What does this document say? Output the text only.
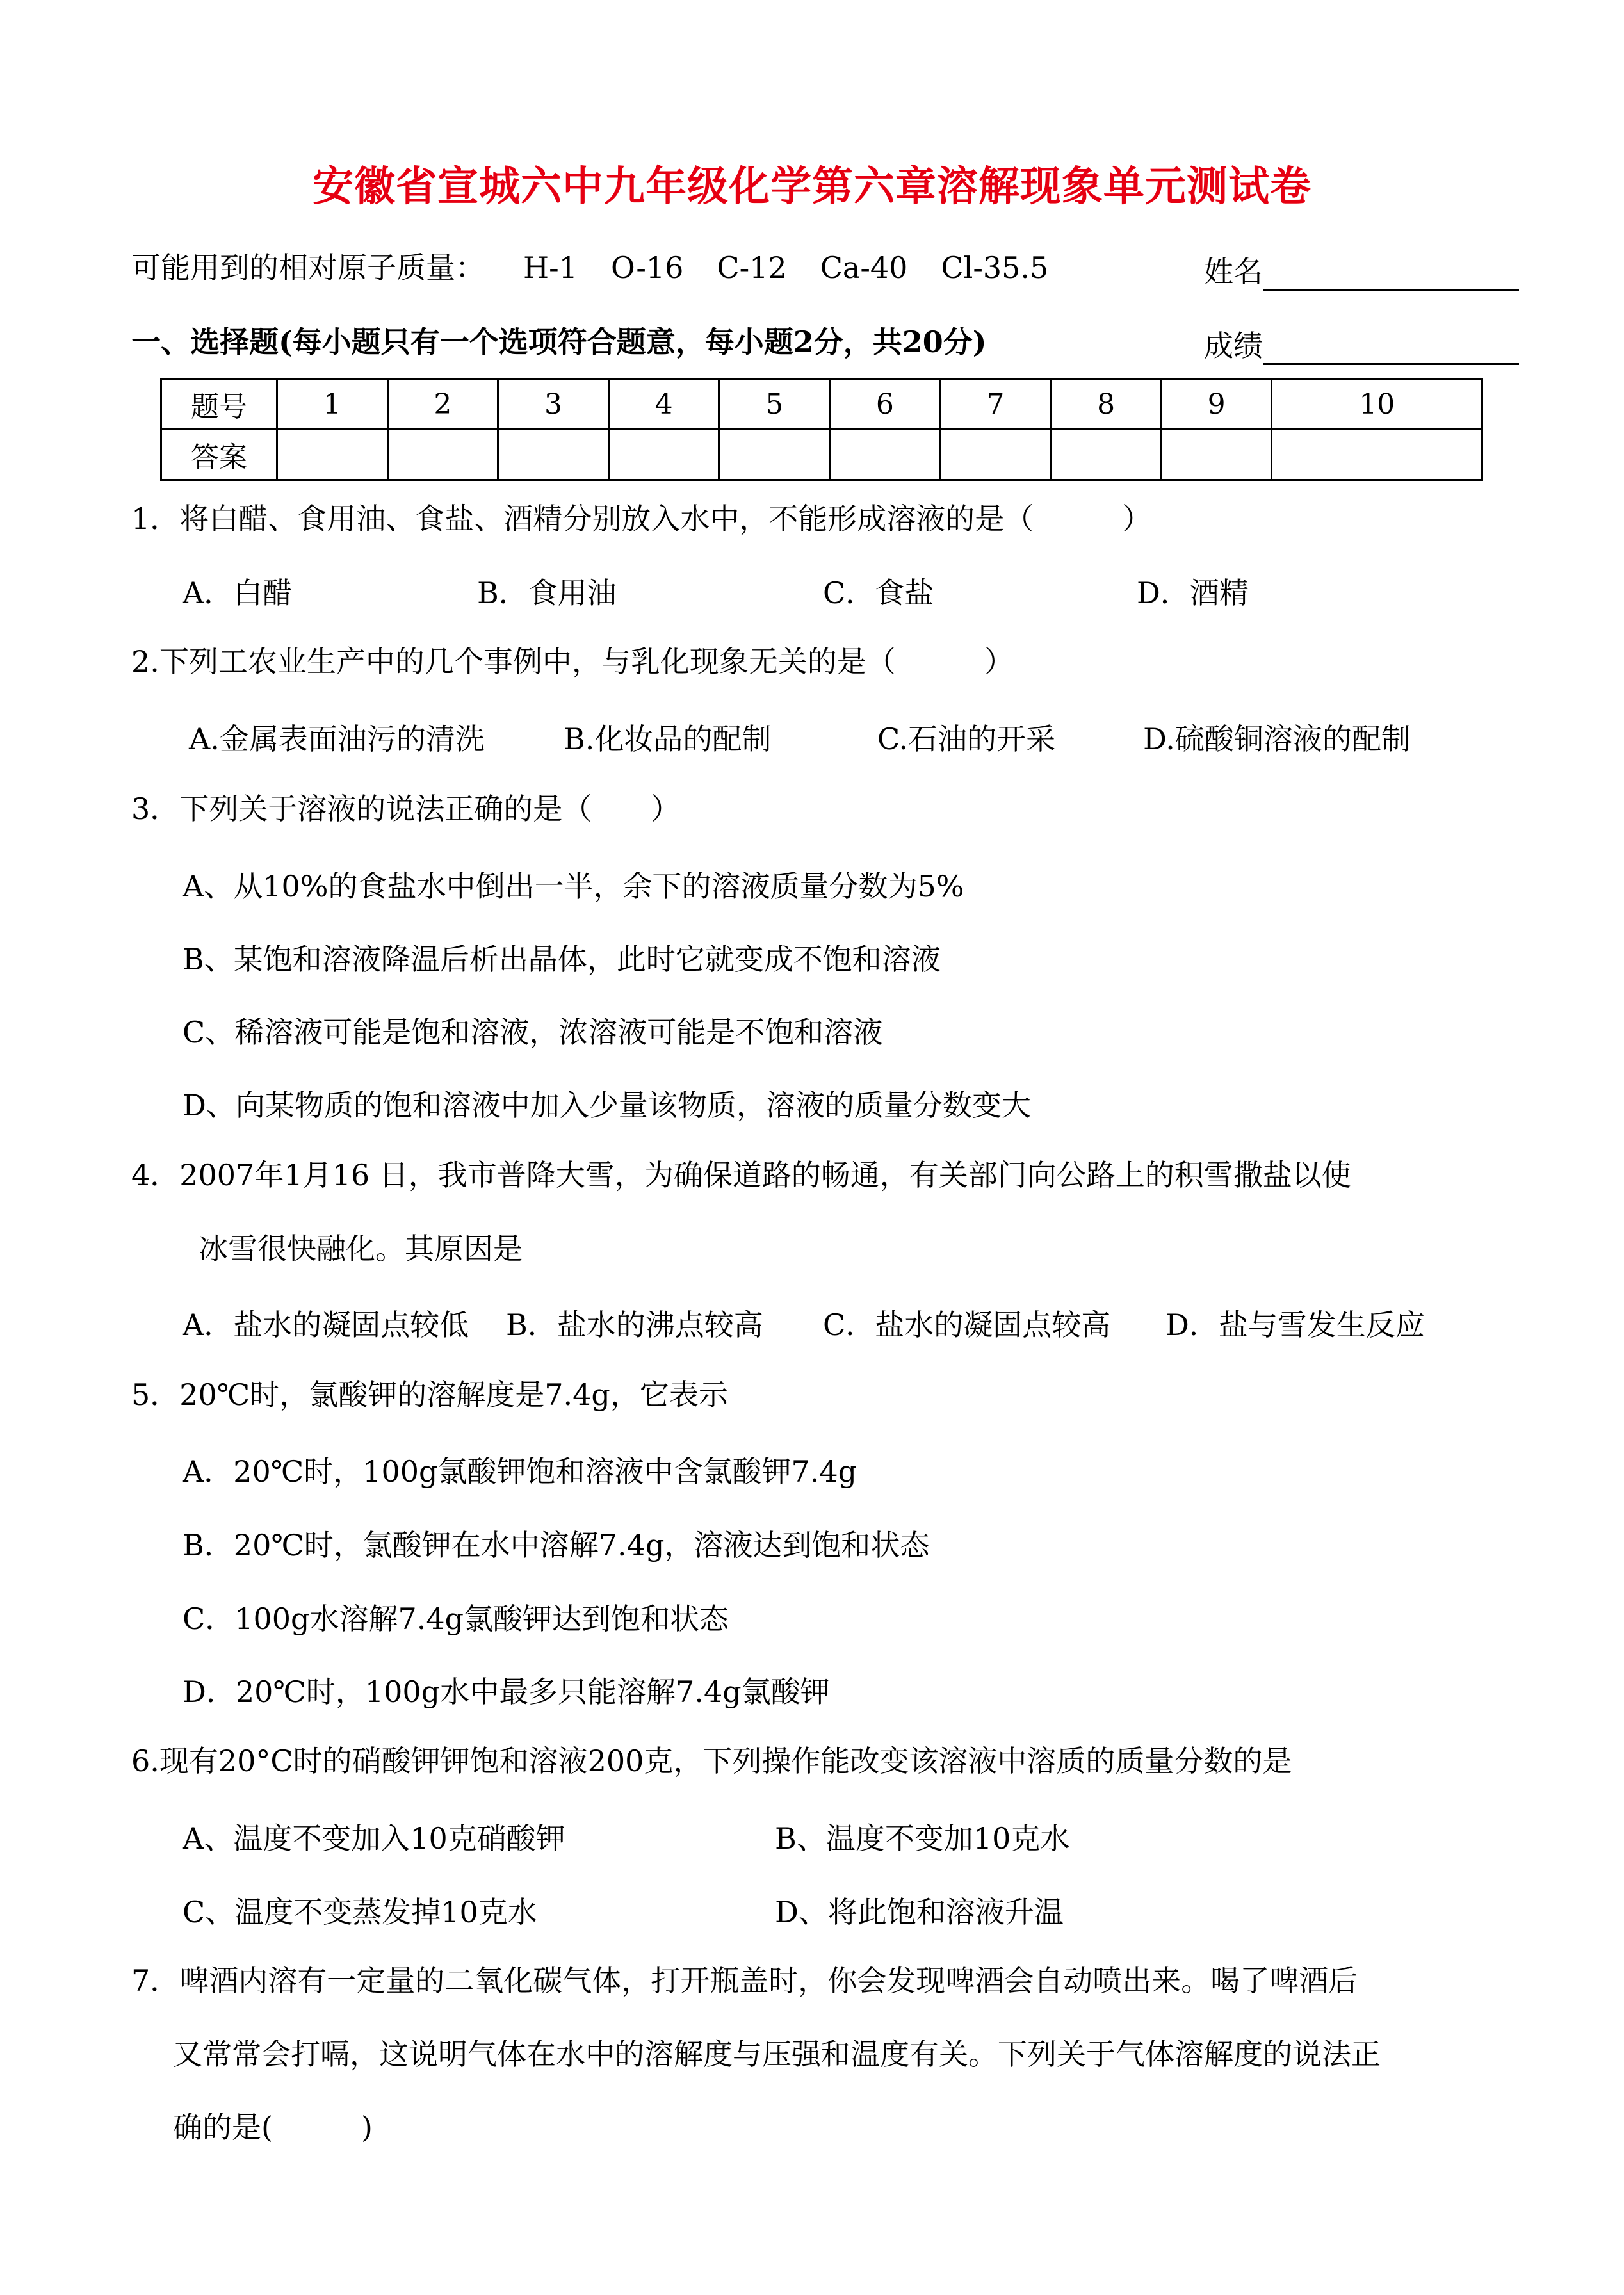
安徽省宣城六中九年级化学第六章溶解现象单元测试卷
可能用到的相对原子质量： H-1 O-16 C-12 Ca-40 Cl-35.5	姓名
一、选择题(每小题只有一个选项符合题意，每小题2分，共20分)	成绩
题号	1	2	3	4	5	6	7	8	9	10
答案										
1．将白醋、食用油、食盐、酒精分别放入水中，不能形成溶液的是（　　　）
A．白醋	B．食用油	C．食盐	D．酒精
2.下列工农业生产中的几个事例中，与乳化现象无关的是（　　　）
A.金属表面油污的清洗	B.化妆品的配制	C.石油的开采	D.硫酸铜溶液的配制
3．下列关于溶液的说法正确的是（　　）
A、从10%的食盐水中倒出一半，余下的溶液质量分数为5%
B、某饱和溶液降温后析出晶体，此时它就变成不饱和溶液
C、稀溶液可能是饱和溶液，浓溶液可能是不饱和溶液
D、向某物质的饱和溶液中加入少量该物质，溶液的质量分数变大
4．2007年1月16 日，我市普降大雪，为确保道路的畅通，有关部门向公路上的积雪撒盐以使
冰雪很快融化。其原因是
A．盐水的凝固点较低 B．盐水的沸点较高 C．盐水的凝固点较高 D．盐与雪发生反应
5．20℃时，氯酸钾的溶解度是7.4g，它表示
A．20℃时，100g氯酸钾饱和溶液中含氯酸钾7.4g
B．20℃时，氯酸钾在水中溶解7.4g，溶液达到饱和状态
C．100g水溶解7.4g氯酸钾达到饱和状态
D．20℃时，100g水中最多只能溶解7.4g氯酸钾
6.现有20°C时的硝酸钾钾饱和溶液200克，下列操作能改变该溶液中溶质的质量分数的是
A、温度不变加入10克硝酸钾	B、温度不变加10克水
C、温度不变蒸发掉10克水	D、将此饱和溶液升温
7．啤酒内溶有一定量的二氧化碳气体，打开瓶盖时，你会发现啤酒会自动喷出来。喝了啤酒后
又常常会打嗝，这说明气体在水中的溶解度与压强和温度有关。下列关于气体溶解度的说法正
确的是(　　　)
